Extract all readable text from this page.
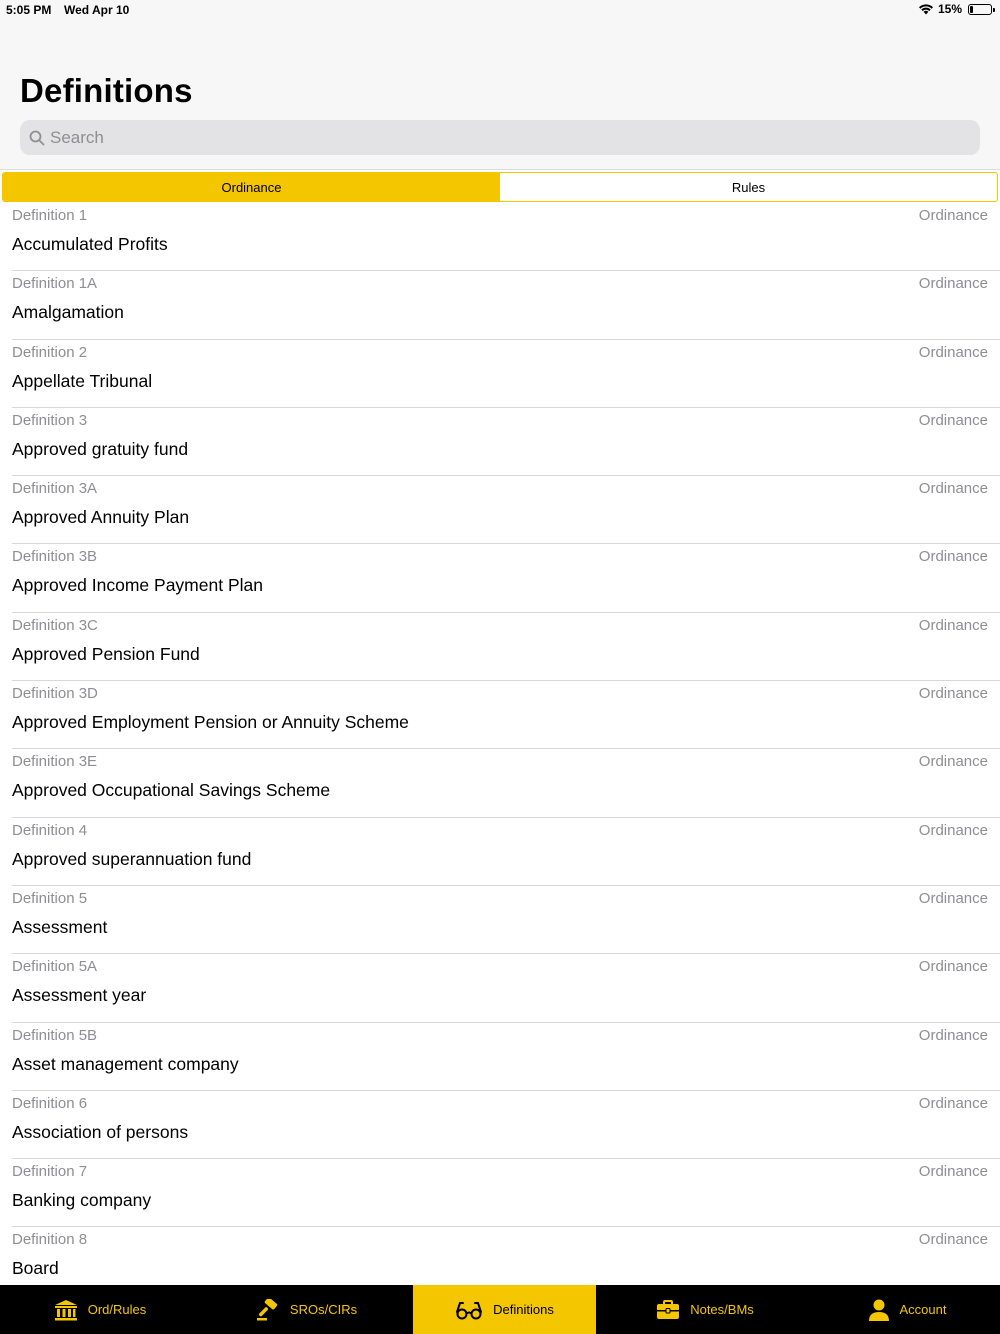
5:05 PM Wed Apr 10	15%
Definitions
Search
Ordinance	Rules
Definition 1	Ordinance
Accumulated Profits
Definition 1A	Ordinance
Amalgamation
Definition 2	Ordinance
Appellate Tribunal
Definition 3	Ordinance
Approved gratuity fund
Definition 3A	Ordinance
Approved Annuity Plan
Definition 3B	Ordinance
Approved Income Payment Plan
Definition 3C	Ordinance
Approved Pension Fund
Definition 3D	Ordinance
Approved Employment Pension or Annuity Scheme
Definition 3E	Ordinance
Approved Occupational Savings Scheme
Definition 4	Ordinance
Approved superannuation fund
Definition 5	Ordinance
Assessment
Definition 5A	Ordinance
Assessment year
Definition 5B	Ordinance
Asset management company
Definition 6	Ordinance
Association of persons
Definition 7	Ordinance
Banking company
Definition 8	Ordinance
Board
Ord/Rules	SROs/CIRs	Definitions	Notes/BMs	Account
